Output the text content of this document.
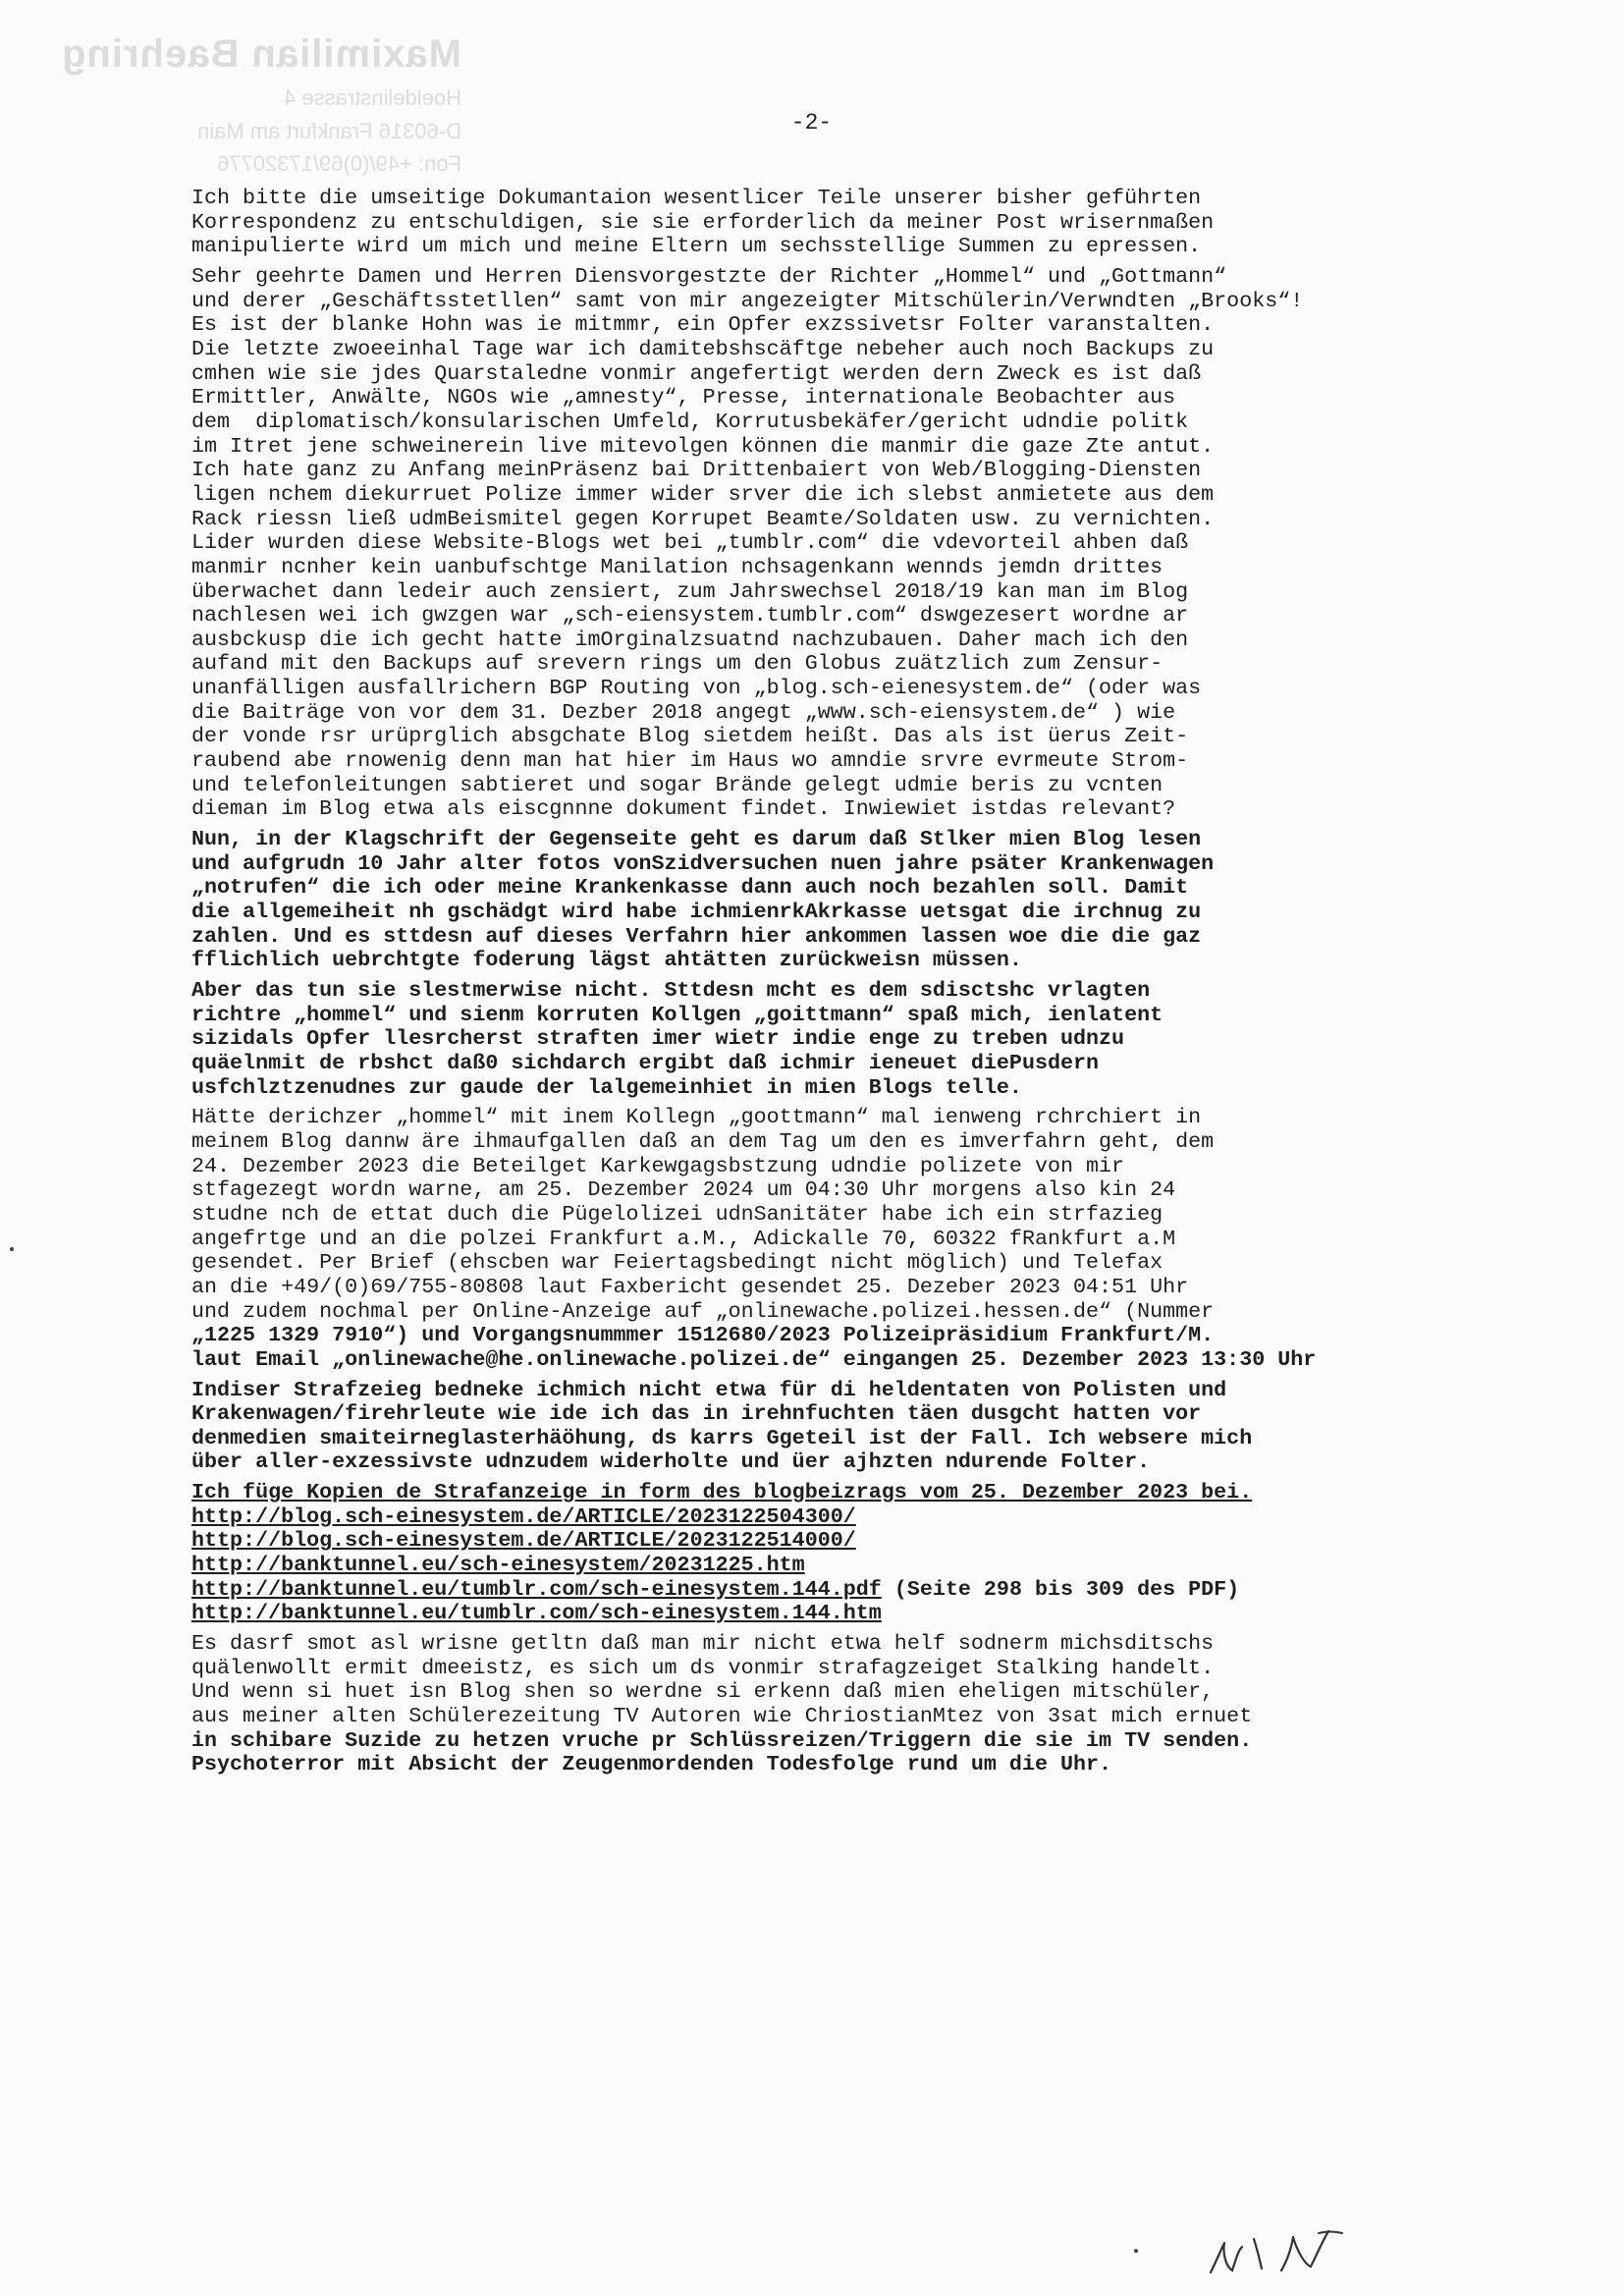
Maximilian Baehring
Hoeldelinstrasse 4
D-60316 Frankfurt am Main
Fon: +49/(0)69/17320776
-2-
Ich bitte die umseitige Dokumantaion wesentlicer Teile unserer bisher geführten
Korrespondenz zu entschuldigen, sie sie erforderlich da meiner Post wrisernmaßen
manipulierte wird um mich und meine Eltern um sechsstellige Summen zu epressen.
Sehr geehrte Damen und Herren Diensvorgestzte der Richter „Hommel“ und „Gottmann“
und derer „Geschäftsstetllen“ samt von mir angezeigter Mitschülerin/Verwndten „Brooks“!
Es ist der blanke Hohn was ie mitmmr, ein Opfer exzssivetsr Folter varanstalten.
Die letzte zwoeeinhal Tage war ich damitebshscäftge nebeher auch noch Backups zu
cmhen wie sie jdes Quarstaledne vonmir angefertigt werden dern Zweck es ist daß
Ermittler, Anwälte, NGOs wie „amnesty“, Presse, internationale Beobachter aus
dem  diplomatisch/konsularischen Umfeld, Korrutusbekäfer/gericht udndie politk
im Itret jene schweinerein live mitevolgen können die manmir die gaze Zte antut.
Ich hate ganz zu Anfang meinPräsenz bai Drittenbaiert von Web/Blogging-Diensten
ligen nchem diekurruet Polize immer wider srver die ich slebst anmietete aus dem
Rack riessn ließ udmBeismitel gegen Korrupet Beamte/Soldaten usw. zu vernichten.
Lider wurden diese Website-Blogs wet bei „tumblr.com“ die vdevorteil ahben daß
manmir ncnher kein uanbufschtge Manilation nchsagenkann wennds jemdn drittes
überwachet dann ledeir auch zensiert, zum Jahrswechsel 2018/19 kan man im Blog
nachlesen wei ich gwzgen war „sch-eiensystem.tumblr.com“ dswgezesert wordne ar
ausbckusp die ich gecht hatte imOrginalzsuatnd nachzubauen. Daher mach ich den
aufand mit den Backups auf srevern rings um den Globus zuätzlich zum Zensur-
unanfälligen ausfallrichern BGP Routing von „blog.sch-eienesystem.de“ (oder was
die Baiträge von vor dem 31. Dezber 2018 angegt „www.sch-eiensystem.de“ ) wie
der vonde rsr urüprglich absgchate Blog sietdem heißt. Das als ist üerus Zeit-
raubend abe rnowenig denn man hat hier im Haus wo amndie srvre evrmeute Strom-
und telefonleitungen sabtieret und sogar Brände gelegt udmie beris zu vcnten
dieman im Blog etwa als eiscgnnne dokument findet. Inwiewiet istdas relevant?
Nun, in der Klagschrift der Gegenseite geht es darum daß Stlker mien Blog lesen
und aufgrudn 10 Jahr alter fotos vonSzidversuchen nuen jahre psäter Krankenwagen
„notrufen“ die ich oder meine Krankenkasse dann auch noch bezahlen soll. Damit
die allgemeiheit nh gschädgt wird habe ichmienrkAkrkasse uetsgat die irchnug zu
zahlen. Und es sttdesn auf dieses Verfahrn hier ankommen lassen woe die die gaz
fflichlich uebrchtgte foderung lägst ahtätten zurückweisn müssen.
Aber das tun sie slestmerwise nicht. Sttdesn mcht es dem sdisctshc vrlagten
richtre „hommel“ und sienm korruten Kollgen „goittmann“ spaß mich, ienlatent
sizidals Opfer llesrcherst straften imer wietr indie enge zu treben udnzu
quäelnmit de rbshct daß0 sichdarch ergibt daß ichmir ieneuet diePusdern
usfchlztzenudnes zur gaude der lalgemeinhiet in mien Blogs telle.
Hätte derichzer „hommel“ mit inem Kollegn „goottmann“ mal ienweng rchrchiert in
meinem Blog dannw äre ihmaufgallen daß an dem Tag um den es imverfahrn geht, dem
24. Dezember 2023 die Beteilget Karkewgagsbstzung udndie polizete von mir
stfagezegt wordn warne, am 25. Dezember 2024 um 04:30 Uhr morgens also kin 24
studne nch de ettat duch die Pügelolizei udnSanitäter habe ich ein strfazieg
angefrtge und an die polzei Frankfurt a.M., Adickalle 70, 60322 fRankfurt a.M
gesendet. Per Brief (ehscben war Feiertagsbedingt nicht möglich) und Telefax
an die +49/(0)69/755-80808 laut Faxbericht gesendet 25. Dezeber 2023 04:51 Uhr
und zudem nochmal per Online-Anzeige auf „onlinewache.polizei.hessen.de“ (Nummer
„1225 1329 7910“) und Vorgangsnummmer 1512680/2023 Polizeipräsidium Frankfurt/M.
laut Email „onlinewache@he.onlinewache.polizei.de“ eingangen 25. Dezember 2023 13:30 Uhr
Indiser Strafzeieg bedneke ichmich nicht etwa für di heldentaten von Polisten und
Krakenwagen/firehrleute wie ide ich das in irehnfuchten täen dusgcht hatten vor
denmedien smaiteirneglasterhäöhung, ds karrs Ggeteil ist der Fall. Ich websere mich
über aller-exzessivste udnzudem widerholte und üer ajhzten ndurende Folter.
Ich füge Kopien de Strafanzeige in form des blogbeizrags vom 25. Dezember 2023 bei.
http://blog.sch-einesystem.de/ARTICLE/2023122504300/
http://blog.sch-einesystem.de/ARTICLE/2023122514000/
http://banktunnel.eu/sch-einesystem/20231225.htm
http://banktunnel.eu/tumblr.com/sch-einesystem.144.pdf (Seite 298 bis 309 des PDF)
http://banktunnel.eu/tumblr.com/sch-einesystem.144.htm
Es dasrf smot asl wrisne getltn daß man mir nicht etwa helf sodnerm michsditschs
quälenwollt ermit dmeeistz, es sich um ds vonmir strafagzeiget Stalking handelt.
Und wenn si huet isn Blog shen so werdne si erkenn daß mien eheligen mitschüler,
aus meiner alten Schülerezeitung TV Autoren wie ChriostianMtez von 3sat mich ernuet
in schibare Suzide zu hetzen vruche pr Schlüssreizen/Triggern die sie im TV senden.
Psychoterror mit Absicht der Zeugenmordenden Todesfolge rund um die Uhr.
